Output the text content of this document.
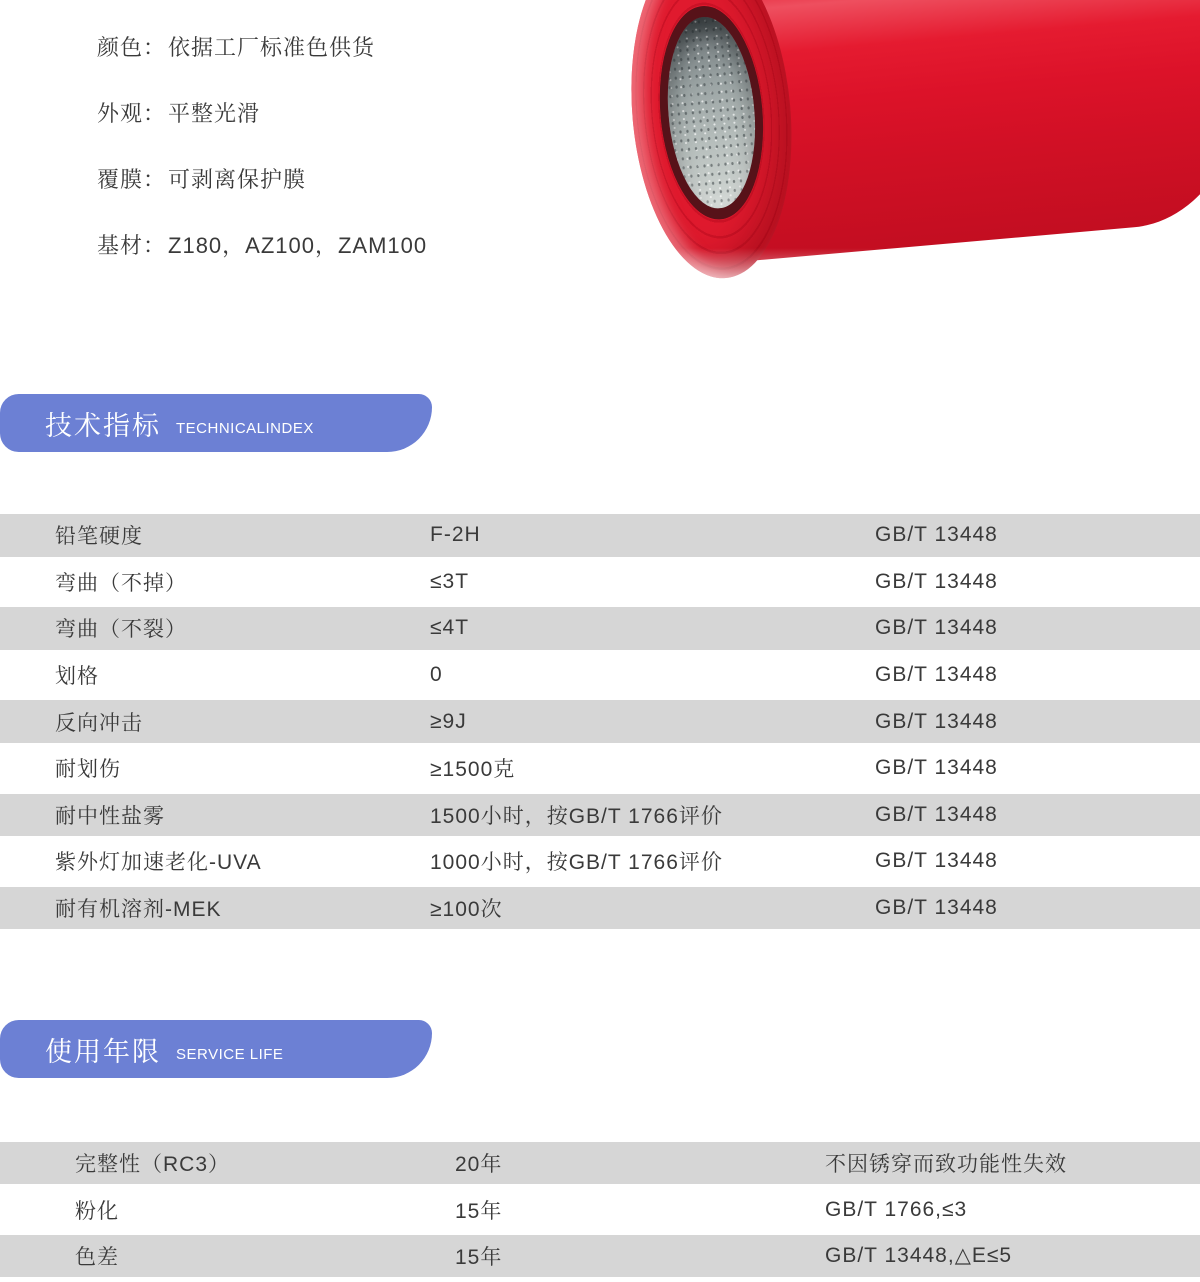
颜色：依据工厂标准色供货
外观：平整光滑
覆膜：可剥离保护膜
基材：Z180，AZ100，ZAM100
技术指标 TECHNICALINDEX
铅笔硬度	F-2H	GB/T 13448
弯曲（不掉）	≤3T	GB/T 13448
弯曲（不裂）	≤4T	GB/T 13448
划格	0	GB/T 13448
反向冲击	≥9J	GB/T 13448
耐划伤	≥1500克	GB/T 13448
耐中性盐雾	1500小时，按GB/T 1766评价	GB/T 13448
紫外灯加速老化-UVA	1000小时，按GB/T 1766评价	GB/T 13448
耐有机溶剂-MEK	≥100次	GB/T 13448
使用年限 SERVICE LIFE
完整性（RC3）	20年	不因锈穿而致功能性失效
粉化	15年	GB/T 1766,≤3
色差	15年	GB/T 13448,△E≤5
